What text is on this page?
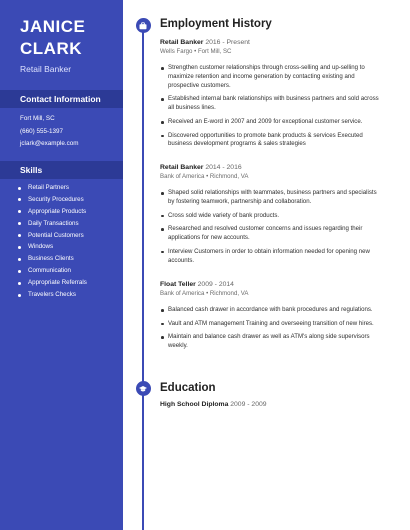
JANICE
CLARK
Retail Banker
Contact Information
Fort Mill, SC
(660) 555-1397
jclark@example.com
Skills
Retail Partners
Security Procedures
Appropriate Products
Daily Transactions
Potential Customers
Windows
Business Clients
Communication
Appropriate Referrals
Travelers Checks
Employment History
Retail Banker 2016 - Present
Wells Fargo • Fort Mill, SC
Strengthen customer relationships through cross-selling and up-selling to maximize retention and income generation by contacting existing and prospective customers.
Established internal bank relationships with business partners and sold across all business lines.
Received an E-word in 2007 and 2009 for exceptional customer service.
Discovered opportunities to promote bank products & services Executed business development programs & sales strategies
Retail Banker 2014 - 2016
Bank of America • Richmond, VA
Shaped solid relationships with teammates, business partners and specialists by fostering teamwork, partnership and collaboration.
Cross sold wide variety of bank products.
Researched and resolved customer concerns and issues regarding their applications for new accounts.
Interview Customers in order to obtain information needed for opening new accounts.
Float Teller 2009 - 2014
Bank of America • Richmond, VA
Balanced cash drawer in accordance with bank procedures and regulations.
Vault and ATM management Training and overseeing transition of new hires.
Maintain and balance cash drawer as well as ATM's along side supervisors weekly.
Education
High School Diploma 2009 - 2009
